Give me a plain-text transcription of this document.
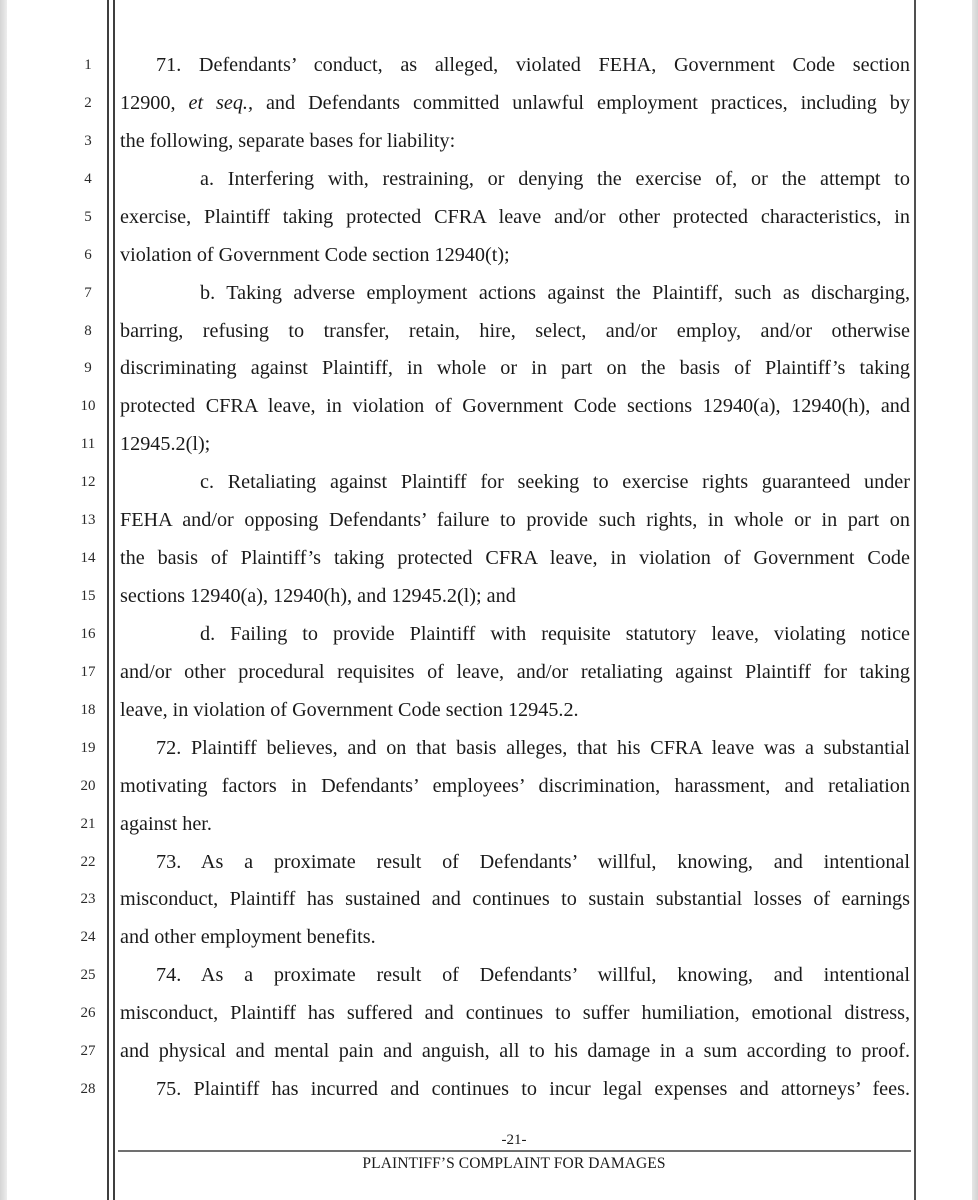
1
2
3
4
5
6
7
8
9
10
11
12
13
14
15
16
17
18
19
20
21
22
23
24
25
26
27
28
71. Defendants’ conduct, as alleged, violated FEHA, Government Code section
12900, et seq., and Defendants committed unlawful employment practices, including by
the following, separate bases for liability:
a. Interfering with, restraining, or denying the exercise of, or the attempt to
exercise, Plaintiff taking protected CFRA leave and/or other protected characteristics, in
violation of Government Code section 12940(t);
b. Taking adverse employment actions against the Plaintiff, such as discharging,
barring, refusing to transfer, retain, hire, select, and/or employ, and/or otherwise
discriminating against Plaintiff, in whole or in part on the basis of Plaintiff’s taking
protected CFRA leave, in violation of Government Code sections 12940(a), 12940(h), and
12945.2(l);
c. Retaliating against Plaintiff for seeking to exercise rights guaranteed under
FEHA and/or opposing Defendants’ failure to provide such rights, in whole or in part on
the basis of Plaintiff’s taking protected CFRA leave, in violation of Government Code
sections 12940(a), 12940(h), and 12945.2(l); and
d. Failing to provide Plaintiff with requisite statutory leave, violating notice
and/or other procedural requisites of leave, and/or retaliating against Plaintiff for taking
leave, in violation of Government Code section 12945.2.
72. Plaintiff believes, and on that basis alleges, that his CFRA leave was a substantial
motivating factors in Defendants’ employees’ discrimination, harassment, and retaliation
against her.
73. As a proximate result of Defendants’ willful, knowing, and intentional
misconduct, Plaintiff has sustained and continues to sustain substantial losses of earnings
and other employment benefits.
74. As a proximate result of Defendants’ willful, knowing, and intentional
misconduct, Plaintiff has suffered and continues to suffer humiliation, emotional distress,
and physical and mental pain and anguish, all to his damage in a sum according to proof.
75. Plaintiff has incurred and continues to incur legal expenses and attorneys’ fees.
-21-
PLAINTIFF’S COMPLAINT FOR DAMAGES
